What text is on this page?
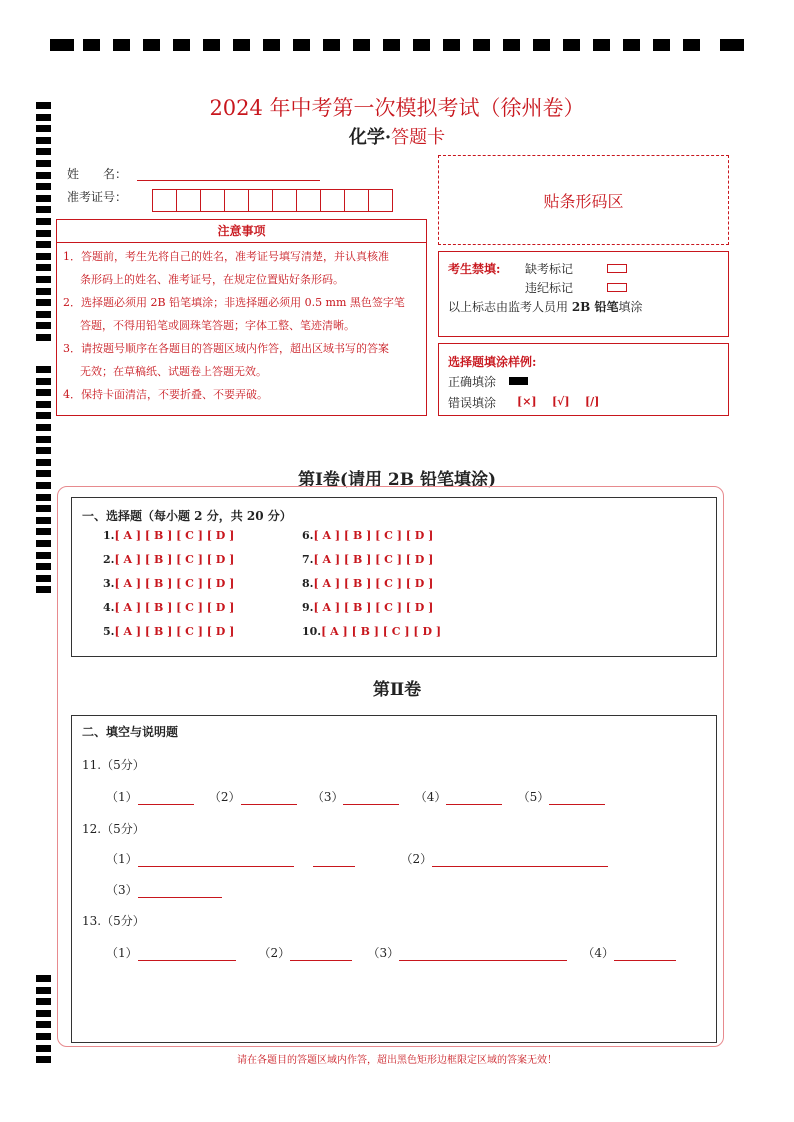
2024 年中考第一次模拟考试（徐州卷）
化学·答题卡
姓　　名：
准考证号：	贴条形码区
注意事项
1．答题前，考生先将自己的姓名，准考证号填写清楚，并认真核准
条形码上的姓名、准考证号，在规定位置贴好条形码。
2．选择题必须用 2B 铅笔填涂；非选择题必须用 0.5 mm 黑色签字笔
答题，不得用铅笔或圆珠笔答题；字体工整、笔迹清晰。
3．请按题号顺序在各题目的答题区域内作答，超出区域书写的答案
无效；在草稿纸、试题卷上答题无效。
4．保持卡面清洁，不要折叠、不要弄破。
考生禁填: 缺考标记
违纪标记
以上标志由监考人员用 2B 铅笔填涂
选择题填涂样例:
正确填涂
错误填涂 [×] [√] [/]
第Ⅰ卷(请用 2B 铅笔填涂)
一、选择题（每小题 2 分，共 20 分）
1.[ A ] [ B ] [ C ] [ D ]
2.[ A ] [ B ] [ C ] [ D ]
3.[ A ] [ B ] [ C ] [ D ]
4.[ A ] [ B ] [ C ] [ D ]
5.[ A ] [ B ] [ C ] [ D ]
6.[ A ] [ B ] [ C ] [ D ]
7.[ A ] [ B ] [ C ] [ D ]
8.[ A ] [ B ] [ C ] [ D ]
9.[ A ] [ B ] [ C ] [ D ]
10.[ A ] [ B ] [ C ] [ D ]
第Ⅱ卷
二、填空与说明题
11.（5分）
（1）	（2）	（3）	（4）	（5）
12.（5分）
（1）	（2）
（3）
13.（5分）
（1）	（2）	（3）	（4）
请在各题目的答题区域内作答，超出黑色矩形边框限定区域的答案无效！
